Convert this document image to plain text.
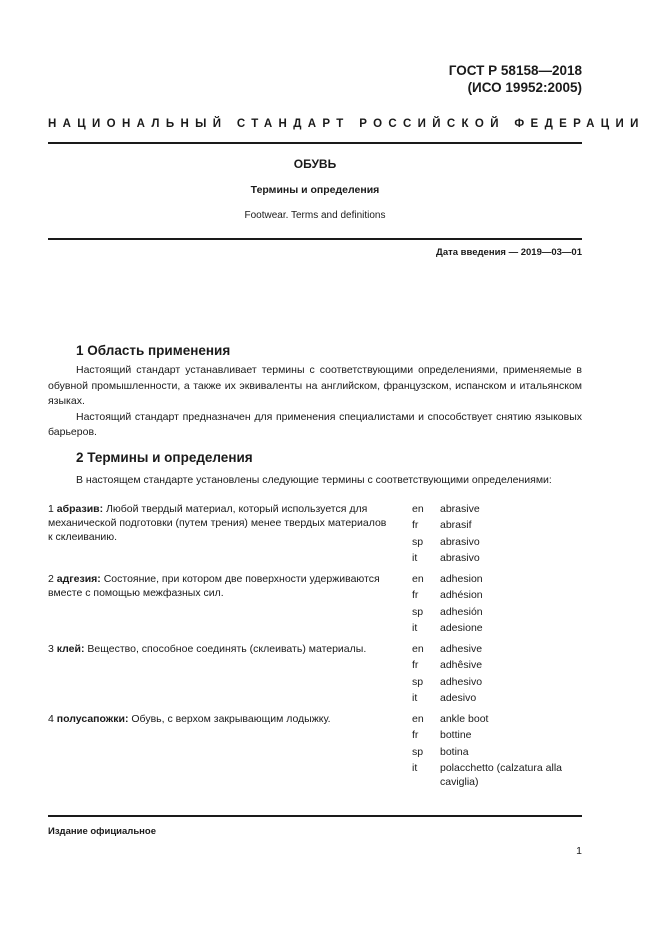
ГОСТ Р 58158—2018
(ИСО 19952:2005)
НАЦИОНАЛЬНЫЙ СТАНДАРТ РОССИЙСКОЙ ФЕДЕРАЦИИ
ОБУВЬ
Термины и определения
Footwear. Terms and definitions
Дата введения — 2019—03—01
1 Область применения

Настоящий стандарт устанавливает термины с соответствующими определениями, применяемые в обувной промышленности, а также их эквиваленты на английском, французском, испанском и итальянском языках.

Настоящий стандарт предназначен для применения специалистами и способствует снятию языковых барьеров.

2 Термины и определения

В настоящем стандарте установлены следующие термины с соответствующими определениями:

1 абразив: Любой твердый материал, который используется для механической подготовки (путем трения) менее твердых материалов к склеиванию.
en	abrasive
fr	abrasif
sp	abrasivo
it	abrasivo
2 адгезия: Состояние, при котором две поверхности удерживаются вместе с помощью межфазных сил.
en	adhesion
fr	adhésion
sp	adhesión
it	adesione
3 клей: Вещество, способное соединять (склеивать) материалы.	en	adhesive
fr	adhêsive
sp	adhesivo
it	adesivo
4 полусапожки: Обувь, с верхом закрывающим лодыжку.	en	ankle boot
fr	bottine
sp	botina
it	polacchetto (calzatura alla caviglia)
Издание официальное
1
